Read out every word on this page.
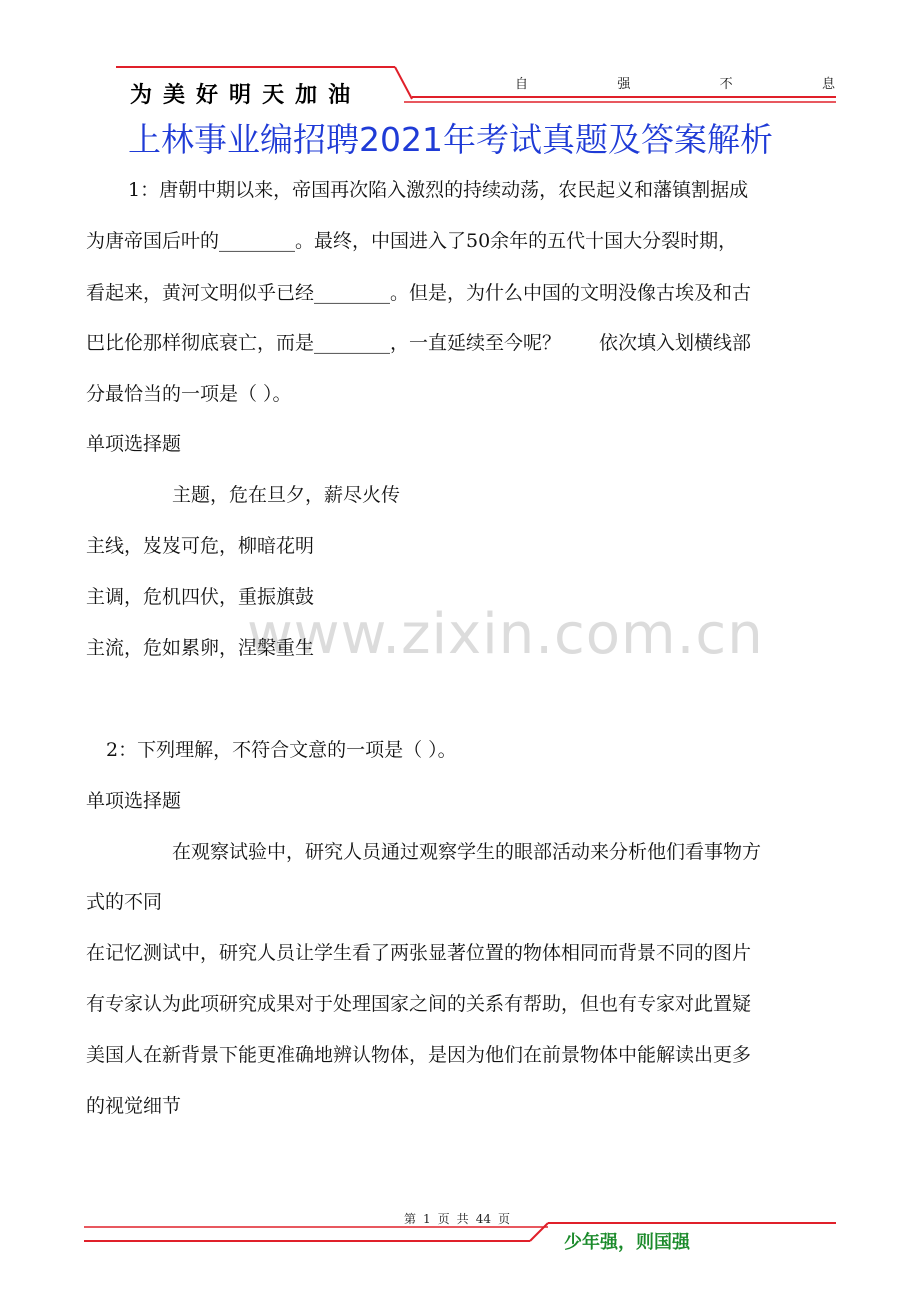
为 美 好 明 天 加 油	自	强	不	息
上林事业编招聘2021年考试真题及答案解析
www.zixin.com.cn
1：唐朝中期以来，帝国再次陷入激烈的持续动荡，农民起义和藩镇割据成
为唐帝国后叶的________。最终，中国进入了50余年的五代十国大分裂时期，
看起来，黄河文明似乎已经________。但是，为什么中国的文明没像古埃及和古
巴比伦那样彻底衰亡，而是________，一直延续至今呢？　　依次填入划横线部
分最恰当的一项是（ ）。
单项选择题
主题，危在旦夕，薪尽火传
主线，岌岌可危，柳暗花明
主调，危机四伏，重振旗鼓
主流，危如累卵，涅槃重生
2：下列理解，不符合文意的一项是（ ）。
单项选择题
在观察试验中，研究人员通过观察学生的眼部活动来分析他们看事物方
式的不同
在记忆测试中，研究人员让学生看了两张显著位置的物体相同而背景不同的图片
有专家认为此项研究成果对于处理国家之间的关系有帮助，但也有专家对此置疑
美国人在新背景下能更准确地辨认物体，是因为他们在前景物体中能解读出更多
的视觉细节
第 1 页 共 44 页
少年强，则国强
